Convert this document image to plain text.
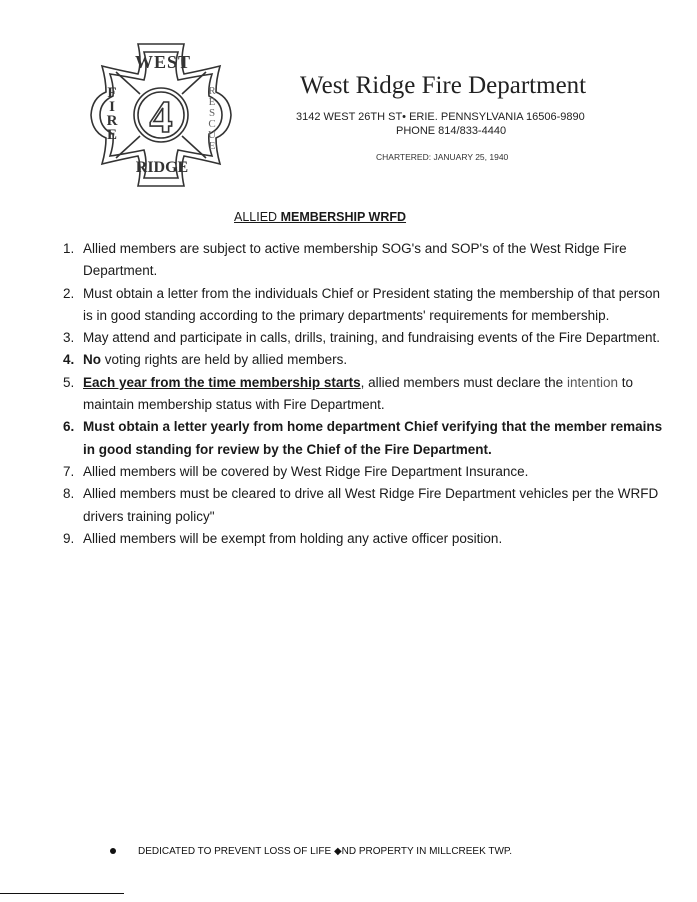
4
WEST
RIDGE
F
I
R
E
R
E
S
C
U
E
West Ridge Fire Department
3142 WEST 26TH ST• ERIE. PENNSYLVANIA 16506-9890
PHONE 814/833-4440
CHARTERED: JANUARY 25, 1940
ALLIED MEMBERSHIP WRFD
1. Allied members are subject to active membership SOG's and SOP's of the West Ridge Fire Department.
2. Must obtain a letter from the individuals Chief or President stating the membership of that person is in good standing according to the primary departments' requirements for membership.
3. May attend and participate in calls, drills, training, and fundraising events of the Fire Department.
4. No voting rights are held by allied members.
5. Each year from the time membership starts, allied members must declare the intention to maintain membership status with Fire Department.
6. Must obtain a letter yearly from home department Chief verifying that the member remains in good standing for review by the Chief of the Fire Department.
7. Allied members will be covered by West Ridge Fire Department Insurance.
8. Allied members must be cleared to drive all West Ridge Fire Department vehicles per the WRFD drivers training policy"
9. Allied members will be exempt from holding any active officer position.
DEDICATED TO PREVENT LOSS OF LIFE ◆ND PROPERTY IN MILLCREEK TWP.
